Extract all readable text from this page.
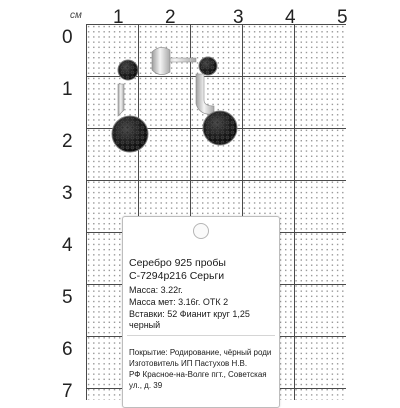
см 1 2	3 4 5
0
1
2
3
4
5
6
7
Серебро 925 пробы
С-7294р216 Серьги
Масса: 3.22г.
Масса мет: 3.16г. ОТК 2
Вставки: 52 Фианит круг 1,25
черный
Покрытие: Родирование, чёрный роди
Изготовитель ИП Пастухов Н.В.
РФ Красное-на-Волге пгт., Советская
ул., д. 39
